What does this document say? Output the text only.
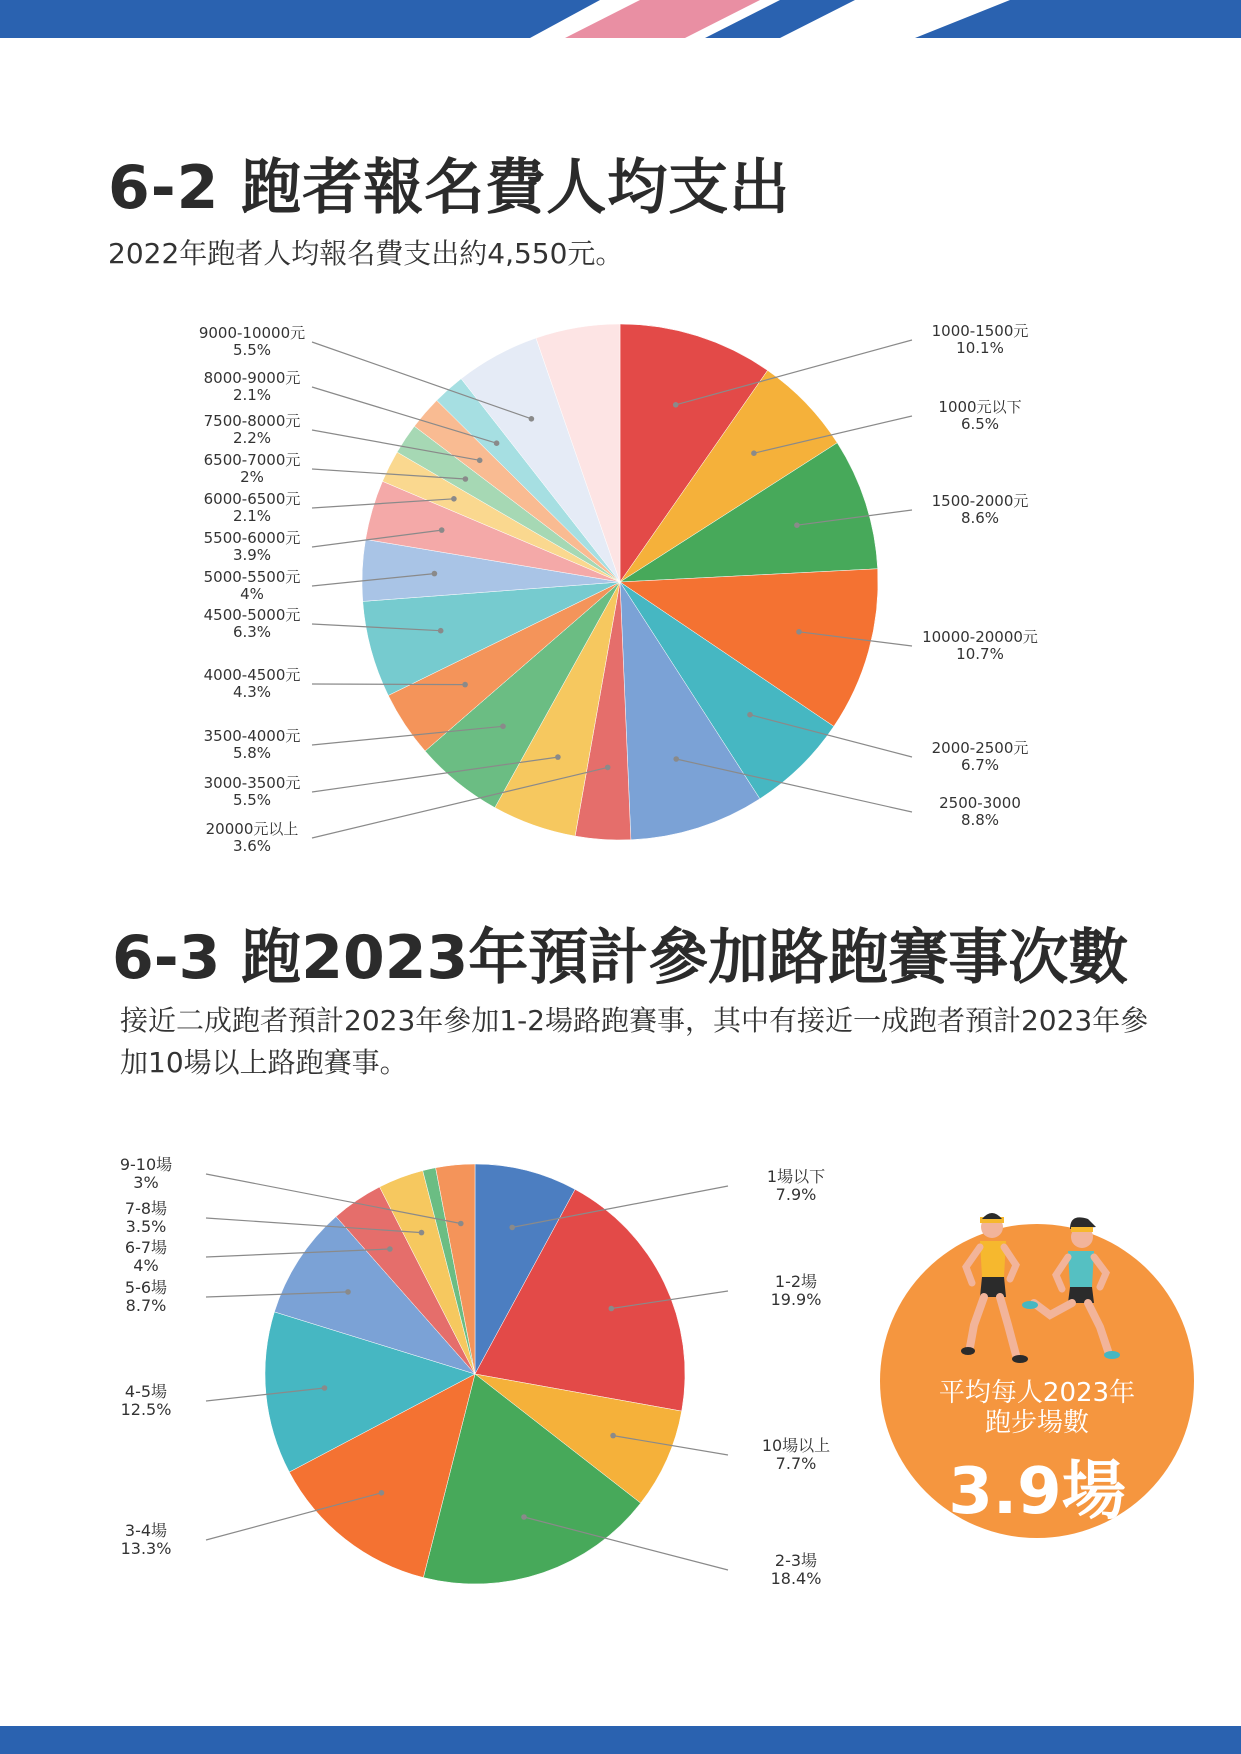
6-2 跑者報名費人均支出
2022年跑者人均報名費支出約4,550元。
1000-1500元
10.1%
1000元以下
6.5%
1500-2000元
8.6%
10000-20000元
10.7%
2000-2500元
6.7%
2500-3000
8.8%
20000元以上
3.6%
3000-3500元
5.5%
3500-4000元
5.8%
4000-4500元
4.3%
4500-5000元
6.3%
5000-5500元
4%
5500-6000元
3.9%
6000-6500元
2.1%
6500-7000元
2%
7500-8000元
2.2%
8000-9000元
2.1%
9000-10000元
5.5%
6-3 跑2023年預計參加路跑賽事次數
接近二成跑者預計2023年參加1-2場路跑賽事，其中有接近一成跑者預計2023年參加10場以上路跑賽事。
1場以下
7.9%
1-2場
19.9%
10場以上
7.7%
2-3場
18.4%
3-4場
13.3%
4-5場
12.5%
5-6場
8.7%
6-7場
4%
7-8場
3.5%
9-10場
3%
平均每人2023年
跑步場數
3.9場
